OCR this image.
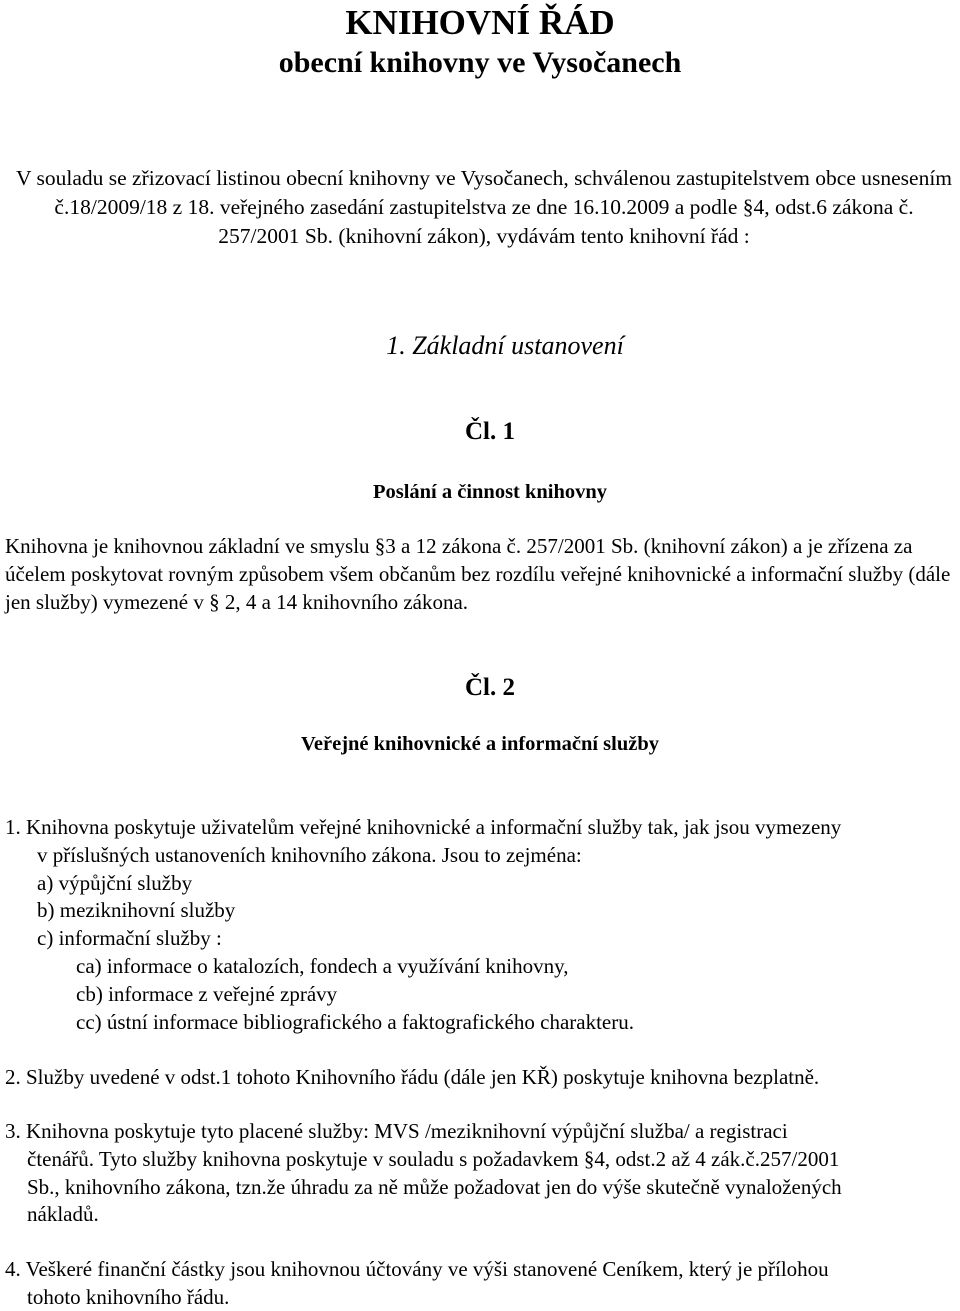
KNIHOVNÍ ŘÁD
obecní knihovny ve Vysočanech

V souladu se zřizovací listinou obecní knihovny ve Vysočanech, schválenou zastupitelstvem obce usnesením č.18/2009/18 z 18. veřejného zasedání zastupitelstva ze dne 16.10.2009 a podle §4, odst.6 zákona č. 257/2001 Sb. (knihovní zákon), vydávám tento knihovní řád :

1. Základní ustanovení
Čl. 1
Poslání a činnost knihovny

Knihovna je knihovnou základní ve smyslu §3 a 12 zákona č. 257/2001 Sb. (knihovní zákon) a je zřízena za účelem poskytovat rovným způsobem všem občanům bez rozdílu veřejné knihovnické a informační služby (dále jen služby) vymezené v § 2, 4 a 14 knihovního zákona.

Čl. 2
Veřejné knihovnické a informační služby
1. Knihovna poskytuje uživatelům veřejné knihovnické a informační služby tak, jak jsou vymezeny
v příslušných ustanoveních knihovního zákona. Jsou to zejména:
a) výpůjční služby
b) meziknihovní služby
c) informační služby :
ca) informace o katalozích, fondech a využívání knihovny,
cb) informace z veřejné zprávy
cc) ústní informace bibliografického a faktografického charakteru.
2. Služby uvedené v odst.1 tohoto Knihovního řádu (dále jen KŘ) poskytuje knihovna bezplatně.
3. Knihovna poskytuje tyto placené služby: MVS /meziknihovní výpůjční služba/ a registraci
čtenářů. Tyto služby knihovna poskytuje v souladu s požadavkem §4, odst.2 až 4 zák.č.257/2001
Sb., knihovního zákona, tzn.že úhradu za ně může požadovat jen do výše skutečně vynaložených
nákladů.
4. Veškeré finanční částky jsou knihovnou účtovány ve výši stanovené Ceníkem, který je přílohou
tohoto knihovního řádu.
